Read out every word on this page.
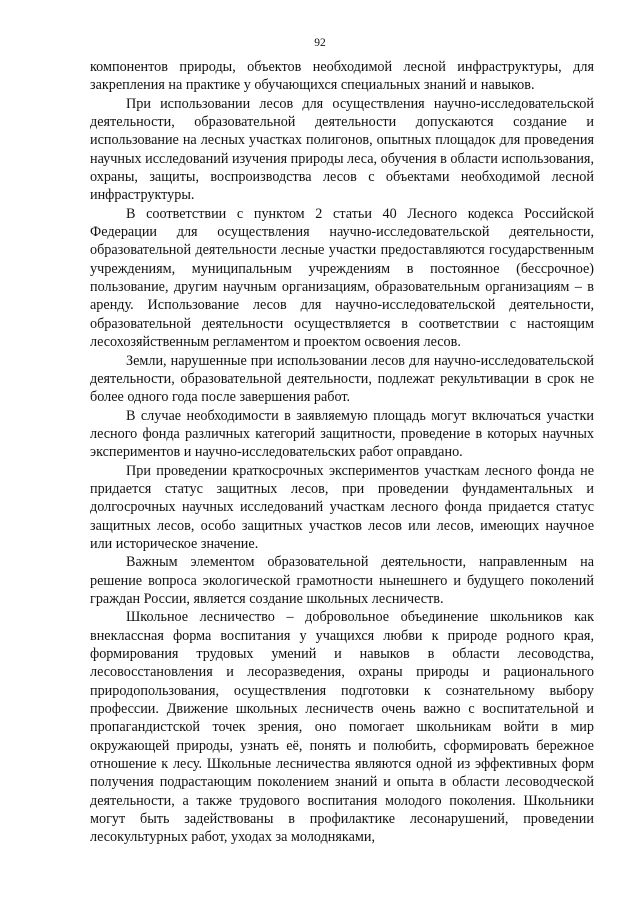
92

компонентов природы, объектов необходимой лесной инфраструктуры, для закрепления на практике у обучающихся специальных знаний и навыков.

При использовании лесов для осуществления научно-исследовательской деятельности, образовательной деятельности допускаются создание и использование на лесных участках полигонов, опытных площадок для проведения научных исследований изучения природы леса, обучения в области использования, охраны, защиты, воспроизводства лесов с объектами необходимой лесной инфраструктуры.

В соответствии с пунктом 2 статьи 40 Лесного кодекса Российской Федерации для осуществления научно-исследовательской деятельности, образовательной деятельности лесные участки предоставляются государственным учреждениям, муниципальным учреждениям в постоянное (бессрочное) пользование, другим научным организациям, образовательным организациям – в аренду. Использование лесов для научно-исследовательской деятельности, образовательной деятельности осуществляется в соответствии с настоящим лесохозяйственным регламентом и проектом освоения лесов.

Земли, нарушенные при использовании лесов для научно-исследовательской деятельности, образовательной деятельности, подлежат рекультивации в срок не более одного года после завершения работ.

В случае необходимости в заявляемую площадь могут включаться участки лесного фонда различных категорий защитности, проведение в которых научных экспериментов и научно-исследовательских работ оправдано.

При проведении краткосрочных экспериментов участкам лесного фонда не придается статус защитных лесов, при проведении фундаментальных и долгосрочных научных исследований участкам лесного фонда придается статус защитных лесов, особо защитных участков лесов или лесов, имеющих научное или историческое значение.

Важным элементом образовательной деятельности, направленным на решение вопроса экологической грамотности нынешнего и будущего поколений граждан России, является создание школьных лесничеств.

Школьное лесничество – добровольное объединение школьников как внеклассная форма воспитания у учащихся любви к природе родного края, формирования трудовых умений и навыков в области лесоводства, лесовосстановления и лесоразведения, охраны природы и рационального природопользования, осуществления подготовки к сознательному выбору профессии. Движение школьных лесничеств очень важно с воспитательной и пропагандистской точек зрения, оно помогает школьникам войти в мир окружающей природы, узнать её, понять и полюбить, сформировать бережное отношение к лесу. Школьные лесничества являются одной из эффективных форм получения подрастающим поколением знаний и опыта в области лесоводческой деятельности, а также трудового воспитания молодого поколения. Школьники могут быть задействованы в профилактике лесонарушений, проведении лесокультурных работ, уходах за молодняками,
